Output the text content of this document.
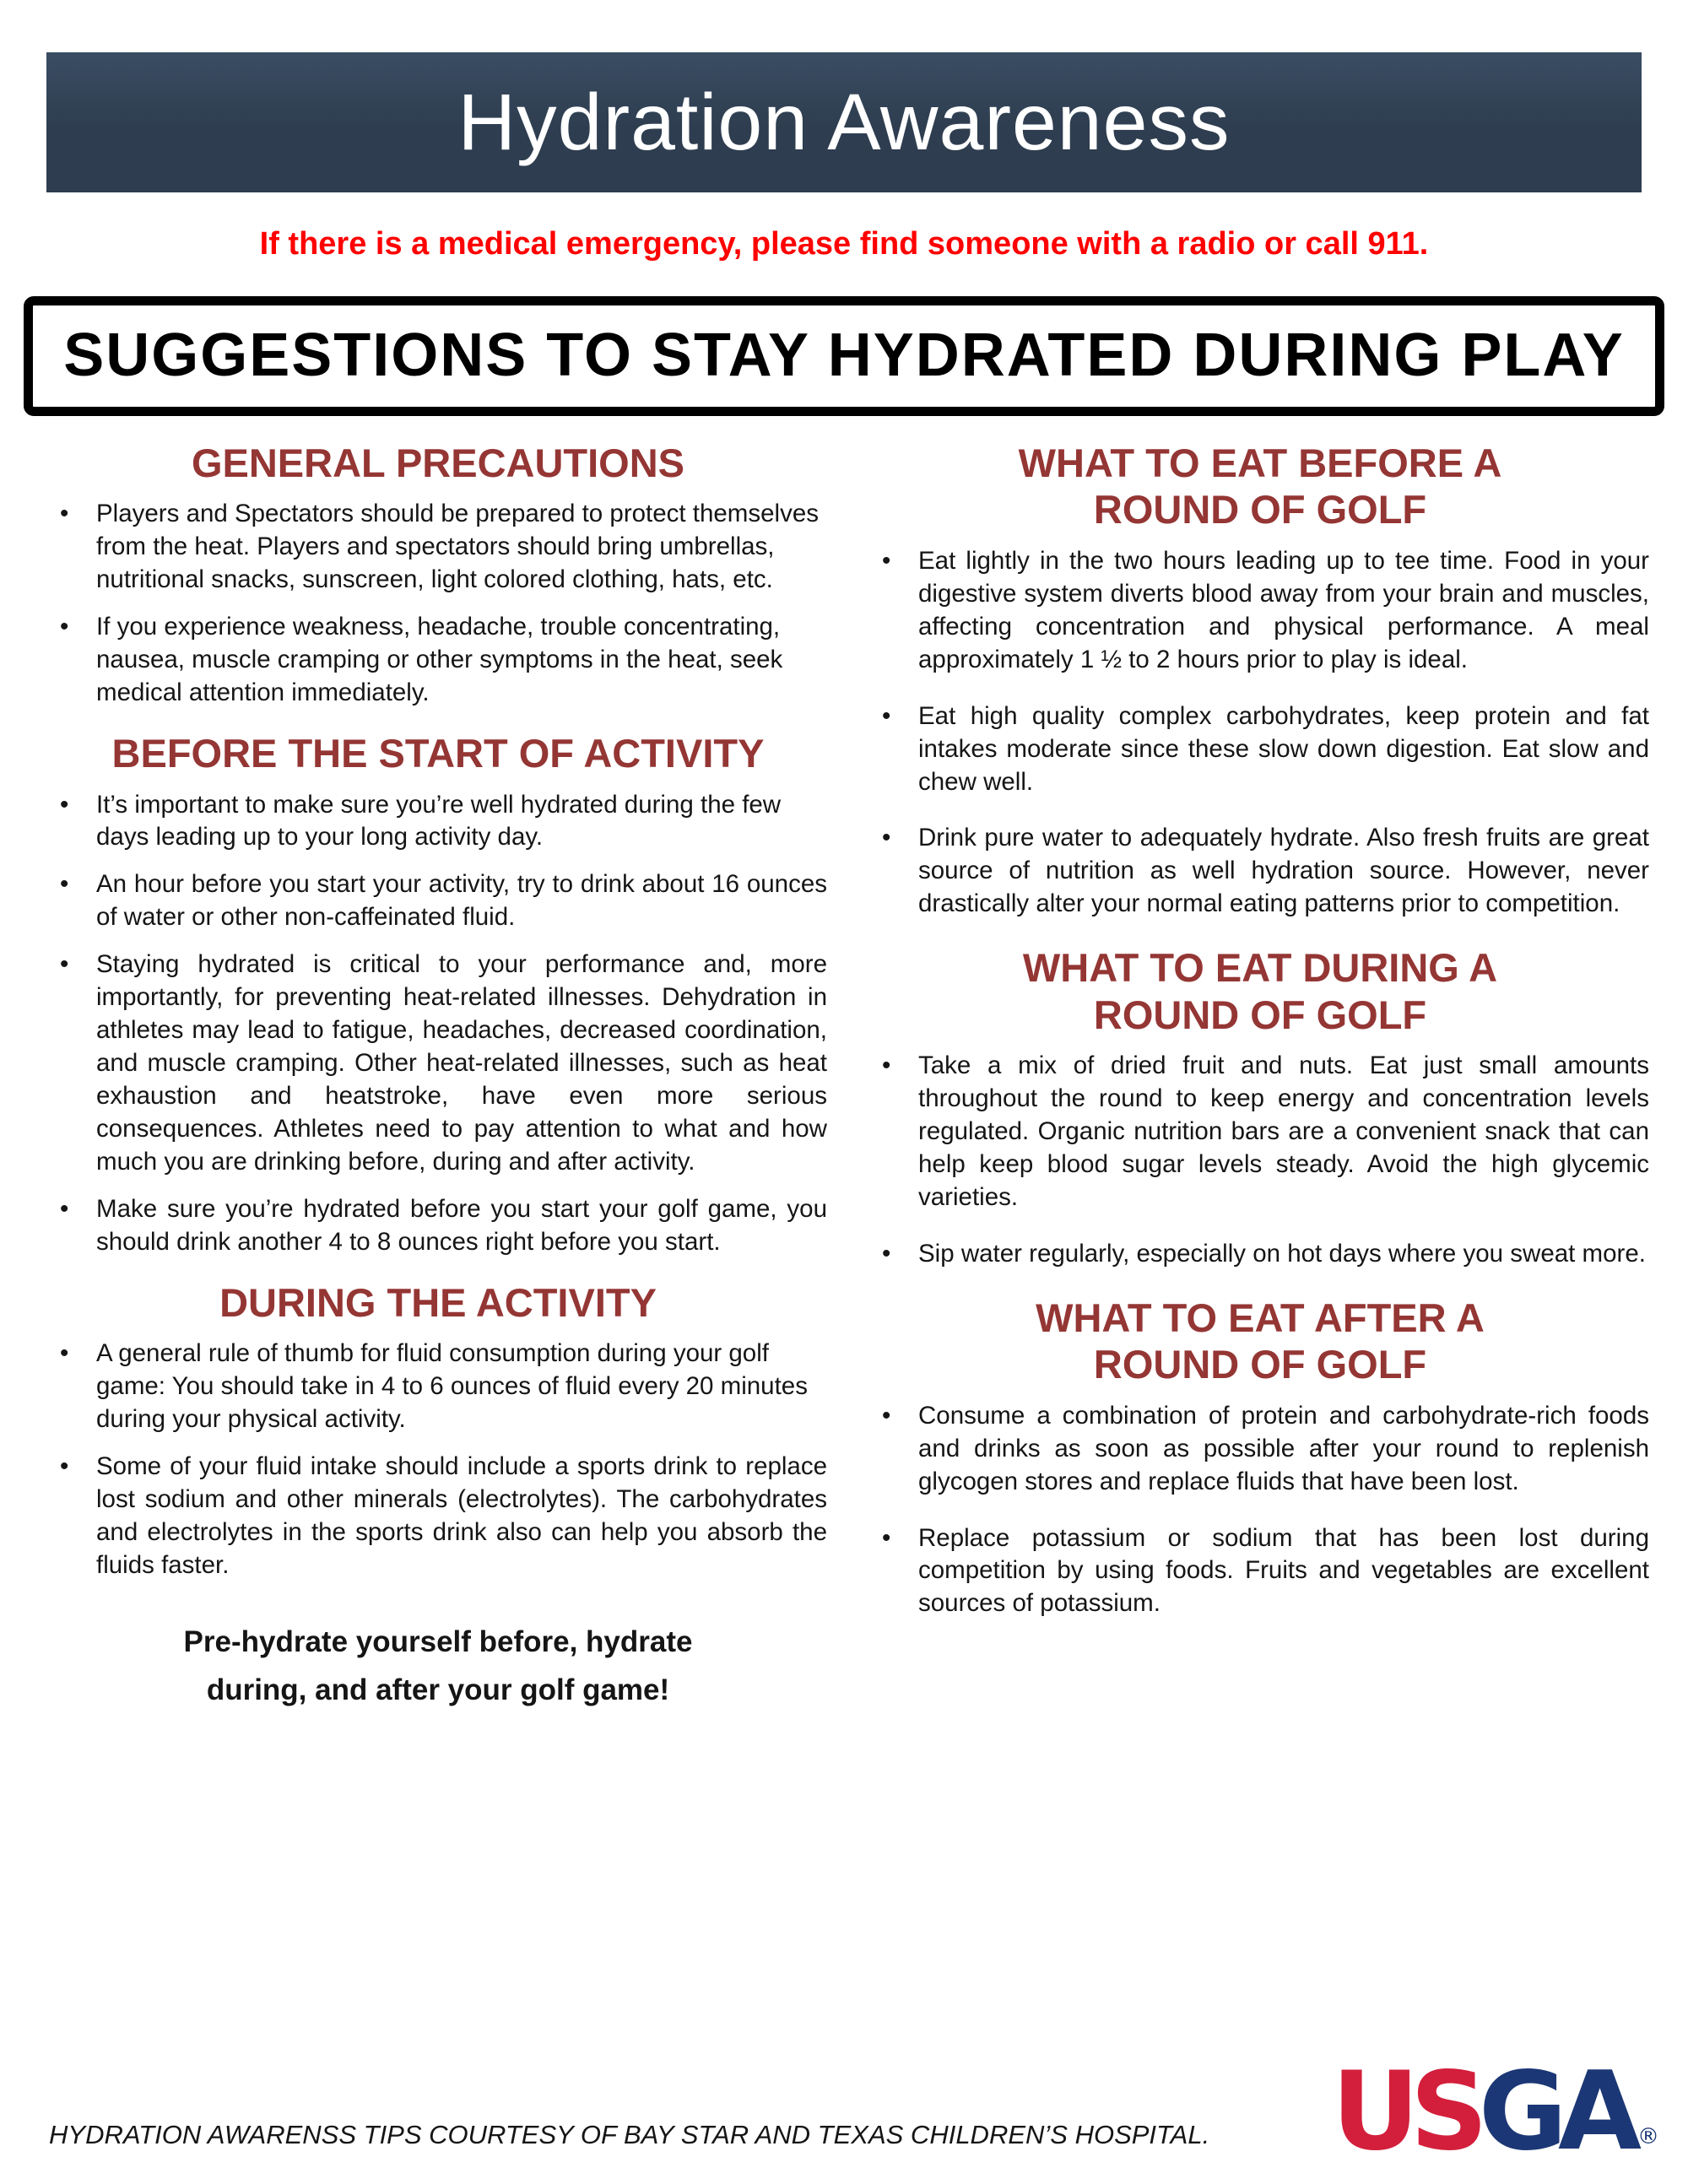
Hydration Awareness
If there is a medical emergency, please find someone with a radio or call 911.
SUGGESTIONS TO STAY HYDRATED DURING PLAY
GENERAL PRECAUTIONS
• Players and Spectators should be prepared to protect themselves from the heat. Players and spectators should bring umbrellas, nutritional snacks, sunscreen, light colored clothing, hats, etc.
• If you experience weakness, headache, trouble concentrating, nausea, muscle cramping or other symptoms in the heat, seek medical attention immediately.
BEFORE THE START OF ACTIVITY
• It’s important to make sure you’re well hydrated during the few days leading up to your long activity day.
• An hour before you start your activity, try to drink about 16 ounces of water or other non-caffeinated fluid.
• Staying hydrated is critical to your performance and, more importantly, for preventing heat-related illnesses. Dehydration in athletes may lead to fatigue, headaches, decreased coordination, and muscle cramping. Other heat-related illnesses, such as heat exhaustion and heatstroke, have even more serious consequences. Athletes need to pay attention to what and how much you are drinking before, during and after activity.
• Make sure you’re hydrated before you start your golf game, you should drink another 4 to 8 ounces right before you start.
DURING THE ACTIVITY
• A general rule of thumb for fluid consumption during your golf game: You should take in 4 to 6 ounces of fluid every 20 minutes during your physical activity.
• Some of your fluid intake should include a sports drink to replace lost sodium and other minerals (electrolytes). The carbohydrates and electrolytes in the sports drink also can help you absorb the fluids faster.
Pre-hydrate yourself before, hydrate during, and after your golf game!
WHAT TO EAT BEFORE A ROUND OF GOLF
• Eat lightly in the two hours leading up to tee time. Food in your digestive system diverts blood away from your brain and muscles, affecting concentration and physical performance. A meal approximately 1 ½ to 2 hours prior to play is ideal.
• Eat high quality complex carbohydrates, keep protein and fat intakes moderate since these slow down digestion. Eat slow and chew well.
• Drink pure water to adequately hydrate. Also fresh fruits are great source of nutrition as well hydration source. However, never drastically alter your normal eating patterns prior to competition.
WHAT TO EAT DURING A ROUND OF GOLF
• Take a mix of dried fruit and nuts. Eat just small amounts throughout the round to keep energy and concentration levels regulated. Organic nutrition bars are a convenient snack that can help keep blood sugar levels steady. Avoid the high glycemic varieties.
• Sip water regularly, especially on hot days where you sweat more.
WHAT TO EAT AFTER A ROUND OF GOLF
• Consume a combination of protein and carbohydrate-rich foods and drinks as soon as possible after your round to replenish glycogen stores and replace fluids that have been lost.
• Replace potassium or sodium that has been lost during competition by using foods. Fruits and vegetables are excellent sources of potassium.
HYDRATION AWARENSS TIPS COURTESY OF BAY STAR AND TEXAS CHILDREN’S HOSPITAL. USGA ®
